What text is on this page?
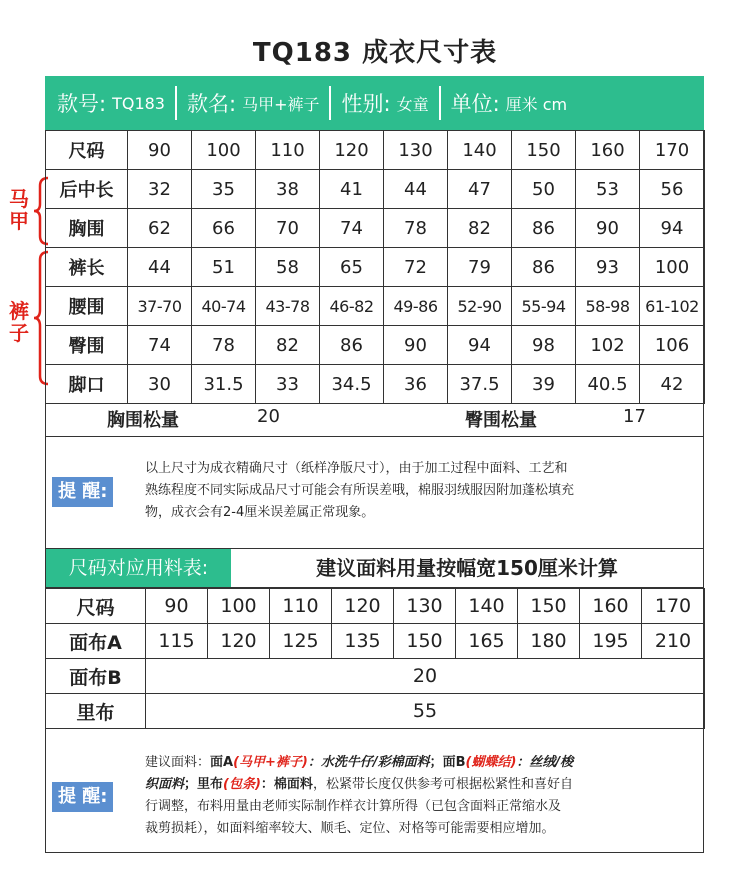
TQ183 成衣尺寸表
款号: TQ183 款名: 马甲+裤子 性别: 女童 单位: 厘米 cm
马
甲
裤
子
尺码	90	100	110	120	130	140	150	160	170
后中长	32	35	38	41	44	47	50	53	56
胸围	62	66	70	74	78	82	86	90	94
裤长	44	51	58	65	72	79	86	93	100
腰围	37-70	40-74	43-78	46-82	49-86	52-90	55-94	58-98	61-102
臀围	74	78	82	86	90	94	98	102	106
脚口	30	31.5	33	34.5	36	37.5	39	40.5	42
胸围松量	20	臀围松量	17
提 醒:
以上尺寸为成衣精确尺寸（纸样净版尺寸），由于加工过程中面料、工艺和
熟练程度不同实际成品尺寸可能会有所误差哦，棉服羽绒服因附加蓬松填充
物，成衣会有2-4厘米误差属正常现象。
尺码对应用料表:	建议面料用量按幅宽150厘米计算
尺码	90	100	110	120	130	140	150	160	170
面布A	115	120	125	135	150	165	180	195	210
面布B	20								
里布	55								
提 醒:
建议面料：面A(马甲+裤子)：水洗牛仔/彩棉面料；面B(蝴蝶结)：丝绒/梭
织面料；里布(包条)：棉面料，松紧带长度仅供参考可根据松紧性和喜好自
行调整，布料用量由老师实际制作样衣计算所得（已包含面料正常缩水及
裁剪损耗），如面料缩率较大、顺毛、定位、对格等可能需要相应增加。
